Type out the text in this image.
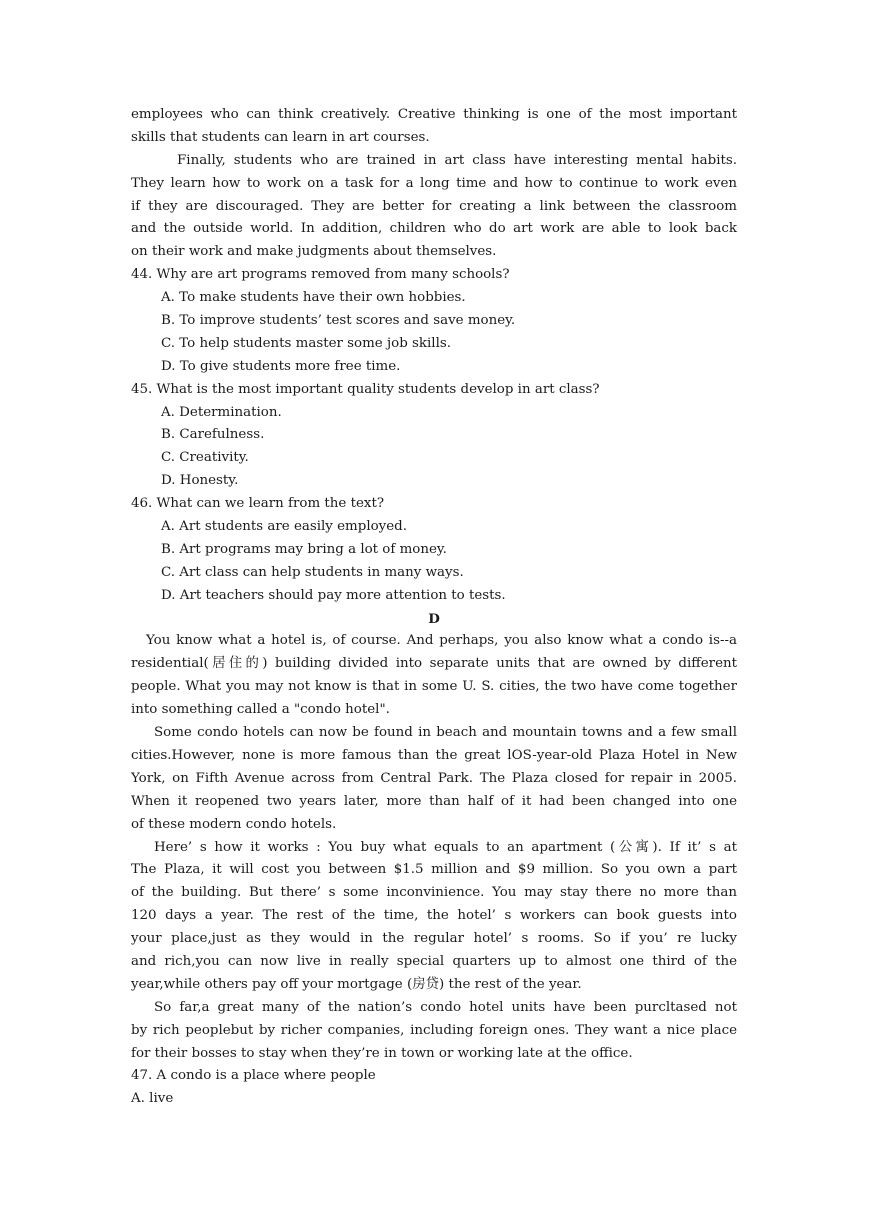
employees who can think creatively. Creative thinking is one of the most important
skills that students can learn in art courses.
Finally, students who are trained in art class have interesting mental habits.
They learn how to work on a task for a long time and how to continue to work even
if they are discouraged. They are better for creating a link between the classroom
and the outside world. In addition, children who do art work are able to look back
on their work and make judgments about themselves.
44. Why are art programs removed from many schools?
A. To make students have their own hobbies.
B. To improve students’ test scores and save money.
C. To help students master some job skills.
D. To give students more free time.
45. What is the most important quality students develop in art class?
A. Determination.
B. Carefulness.
C. Creativity.
D. Honesty.
46. What can we learn from the text?
A. Art students are easily employed.
B. Art programs may bring a lot of money.
C. Art class can help students in many ways.
D. Art teachers should pay more attention to tests.
D
You know what a hotel is, of course. And perhaps, you also know what a condo is--a
residential(居住的) building divided into separate units that are owned by different
people. What you may not know is that in some U. S. cities, the two have come together
into something called a "condo hotel".
Some condo hotels can now be found in beach and mountain towns and a few small
cities.However, none is more famous than the great lOS-year-old Plaza Hotel in New
York, on Fifth Avenue across from Central Park. The Plaza closed for repair in 2005.
When it reopened two years later, more than half of it had been changed into one
of these modern condo hotels.
Here’ s how it works : You buy what equals to an apartment (公寓). If it’ s at
The Plaza, it will cost you between $1.5 million and $9 million. So you own a part
of the building. But there’ s some inconvinience. You may stay there no more than
120 days a year. The rest of the time, the hotel’ s workers can book guests into
your place,just as they would in the regular hotel’ s rooms. So if you’ re lucky
and rich,you can now live in really special quarters up to almost one third of the
year,while others pay off your mortgage (房贷) the rest of the year.
So far,a great many of the nation’s condo hotel units have been purcltased not
by rich peoplebut by richer companies, including foreign ones. They want a nice place
for their bosses to stay when they’re in town or working late at the office.
47. A condo is a place where people
A. live
